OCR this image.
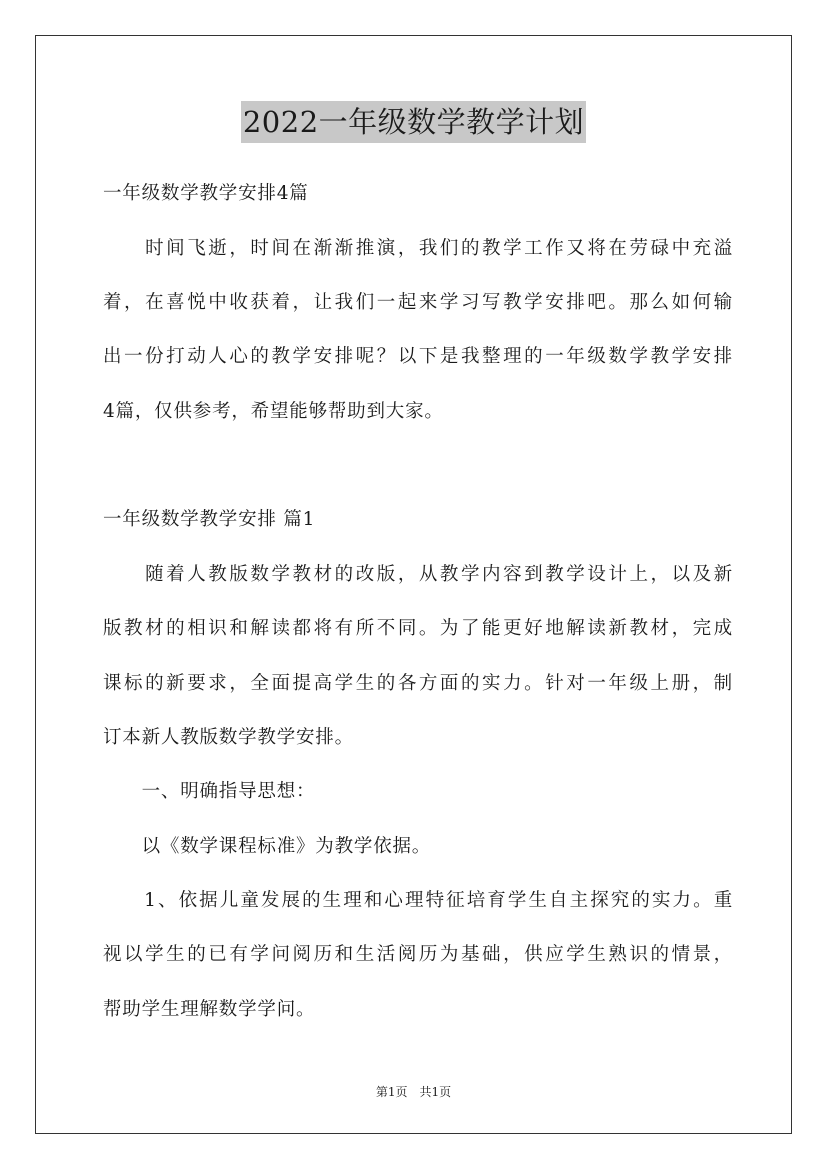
2022一年级数学教学计划
一年级数学教学安排4篇
　　时间飞逝，时间在渐渐推演，我们的教学工作又将在劳碌中充溢
着，在喜悦中收获着，让我们一起来学习写教学安排吧。那么如何输
出一份打动人心的教学安排呢？以下是我整理的一年级数学教学安排
4篇，仅供参考，希望能够帮助到大家。
一年级数学教学安排 篇1
　　随着人教版数学教材的改版，从教学内容到教学设计上，以及新
版教材的相识和解读都将有所不同。为了能更好地解读新教材，完成
课标的新要求，全面提高学生的各方面的实力。针对一年级上册，制
订本新人教版数学教学安排。
　　一、明确指导思想：
　　以《数学课程标准》为教学依据。
　　1、依据儿童发展的生理和心理特征培育学生自主探究的实力。重
视以学生的已有学问阅历和生活阅历为基础，供应学生熟识的情景，
帮助学生理解数学学问。
第1页　共1页
